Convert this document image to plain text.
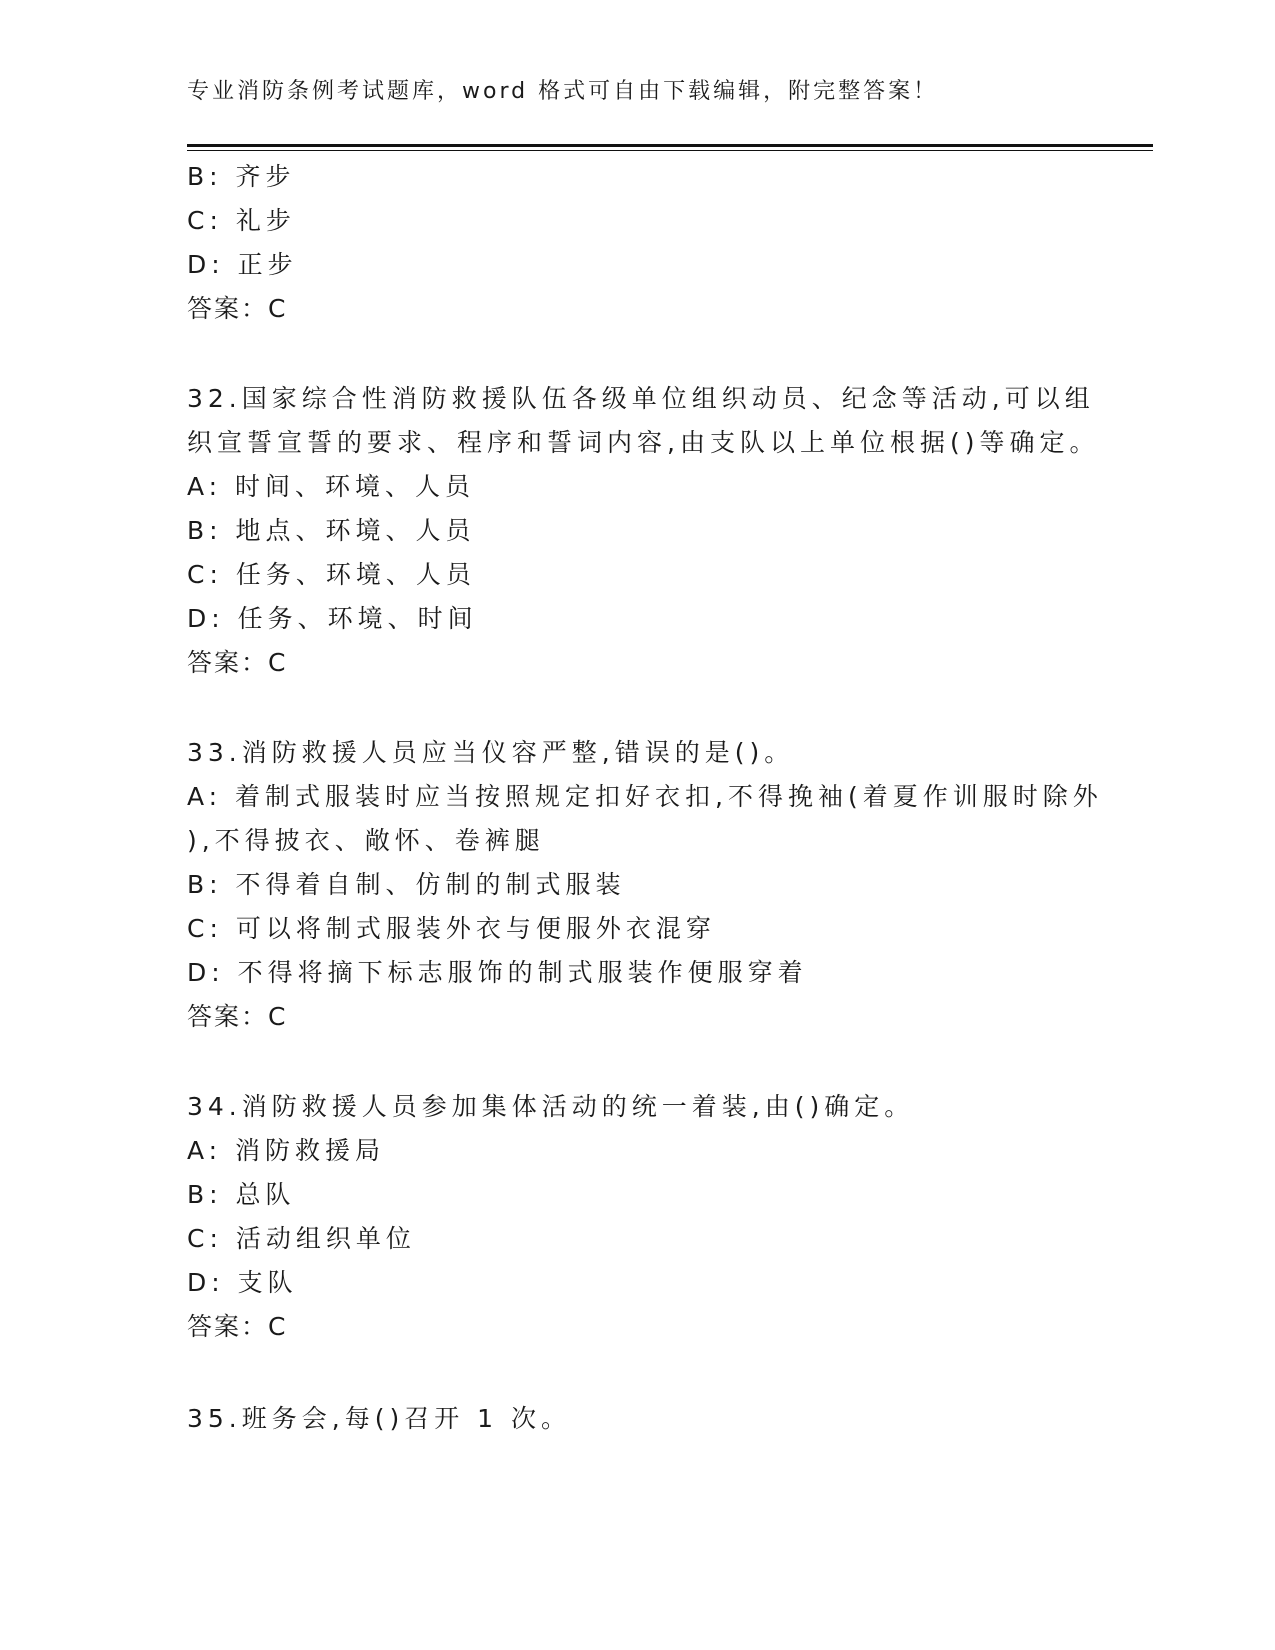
专业消防条例考试题库，word 格式可自由下载编辑，附完整答案！
B: 齐步
C: 礼步
D: 正步
答案：C
32.国家综合性消防救援队伍各级单位组织动员、纪念等活动,可以组
织宣誓宣誓的要求、程序和誓词内容,由支队以上单位根据()等确定。
A: 时间、环境、人员
B: 地点、环境、人员
C: 任务、环境、人员
D: 任务、环境、时间
答案：C
33.消防救援人员应当仪容严整,错误的是()。
A: 着制式服装时应当按照规定扣好衣扣,不得挽袖(着夏作训服时除外
),不得披衣、敞怀、卷裤腿
B: 不得着自制、仿制的制式服装
C: 可以将制式服装外衣与便服外衣混穿
D: 不得将摘下标志服饰的制式服装作便服穿着
答案：C
34.消防救援人员参加集体活动的统一着装,由()确定。
A: 消防救援局
B: 总队
C: 活动组织单位
D: 支队
答案：C
35.班务会,每()召开 1 次。
